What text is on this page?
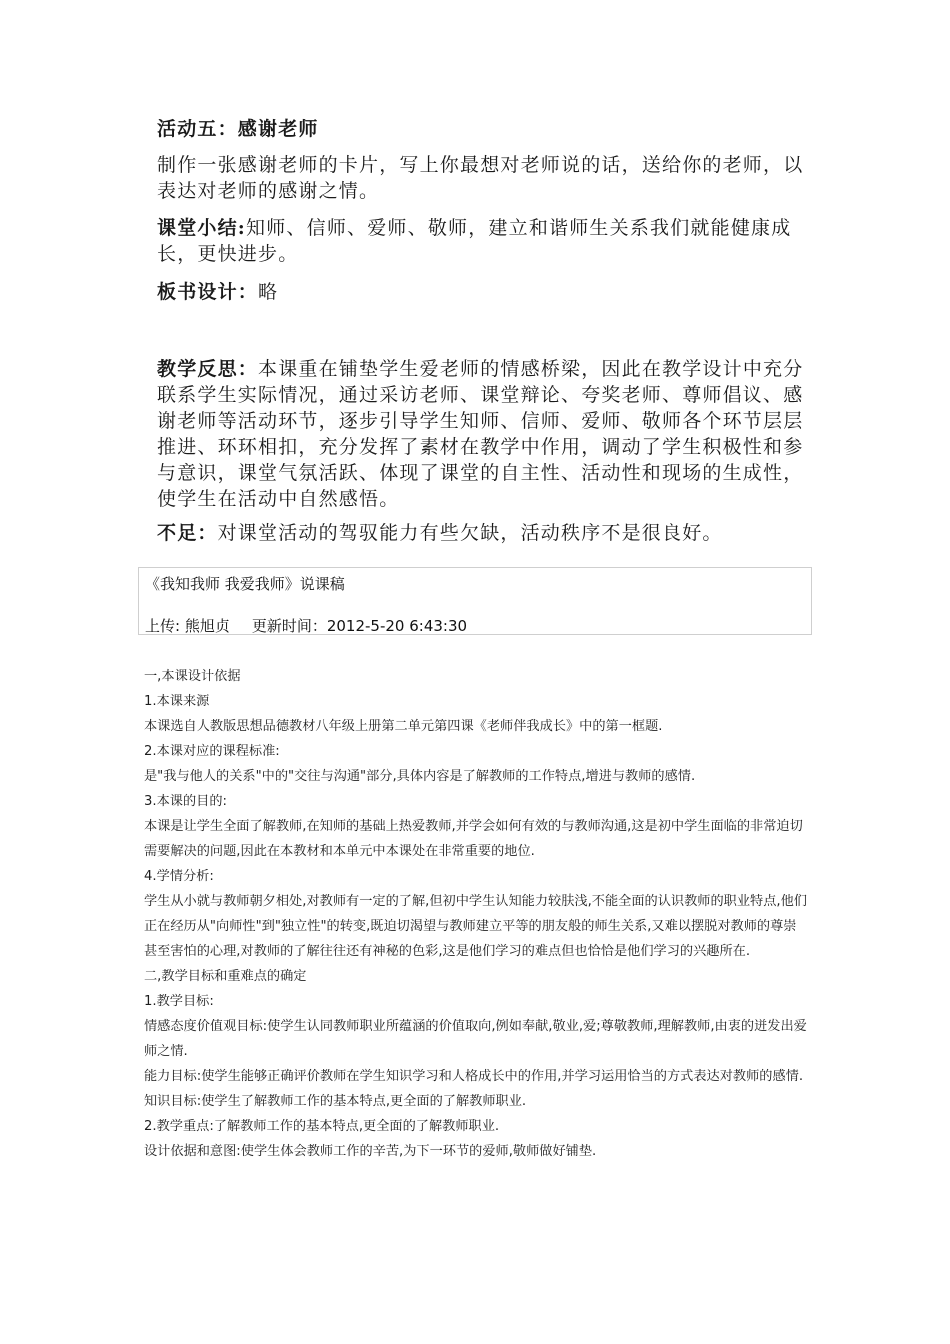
活动五：感谢老师

制作一张感谢老师的卡片，写上你最想对老师说的话，送给你的老师，以表达对老师的感谢之情。

课堂小结:知师、信师、爱师、敬师，建立和谐师生关系我们就能健康成长，更快进步。

板书设计：略

教学反思：本课重在铺垫学生爱老师的情感桥梁，因此在教学设计中充分联系学生实际情况，通过采访老师、课堂辩论、夸奖老师、尊师倡议、感谢老师等活动环节，逐步引导学生知师、信师、爱师、敬师各个环节层层推进、环环相扣，充分发挥了素材在教学中作用，调动了学生积极性和参与意识，课堂气氛活跃、体现了课堂的自主性、活动性和现场的生成性，使学生在活动中自然感悟。

不足：对课堂活动的驾驭能力有些欠缺，活动秩序不是很良好。

《我知我师 我爱我师》说课稿
上传: 熊旭贞 更新时间：2012-5-20 6:43:30

一,本课设计依据

1.本课来源

本课选自人教版思想品德教材八年级上册第二单元第四课《老师伴我成长》中的第一框题.

2.本课对应的课程标准:

是"我与他人的关系"中的"交往与沟通"部分,具体内容是了解教师的工作特点,增进与教师的感情.

3.本课的目的:

本课是让学生全面了解教师,在知师的基础上热爱教师,并学会如何有效的与教师沟通,这是初中学生面临的非常迫切需要解决的问题,因此在本教材和本单元中本课处在非常重要的地位.

4.学情分析:

学生从小就与教师朝夕相处,对教师有一定的了解,但初中学生认知能力较肤浅,不能全面的认识教师的职业特点,他们正在经历从"向师性"到"独立性"的转变,既迫切渴望与教师建立平等的朋友般的师生关系,又难以摆脱对教师的尊崇甚至害怕的心理,对教师的了解往往还有神秘的色彩,这是他们学习的难点但也恰恰是他们学习的兴趣所在.

二,教学目标和重难点的确定

1.教学目标:

情感态度价值观目标:使学生认同教师职业所蕴涵的价值取向,例如奉献,敬业,爱;尊敬教师,理解教师,由衷的迸发出爱师之情.

能力目标:使学生能够正确评价教师在学生知识学习和人格成长中的作用,并学习运用恰当的方式表达对教师的感情.

知识目标:使学生了解教师工作的基本特点,更全面的了解教师职业.

2.教学重点:了解教师工作的基本特点,更全面的了解教师职业.

设计依据和意图:使学生体会教师工作的辛苦,为下一环节的爱师,敬师做好铺垫.
